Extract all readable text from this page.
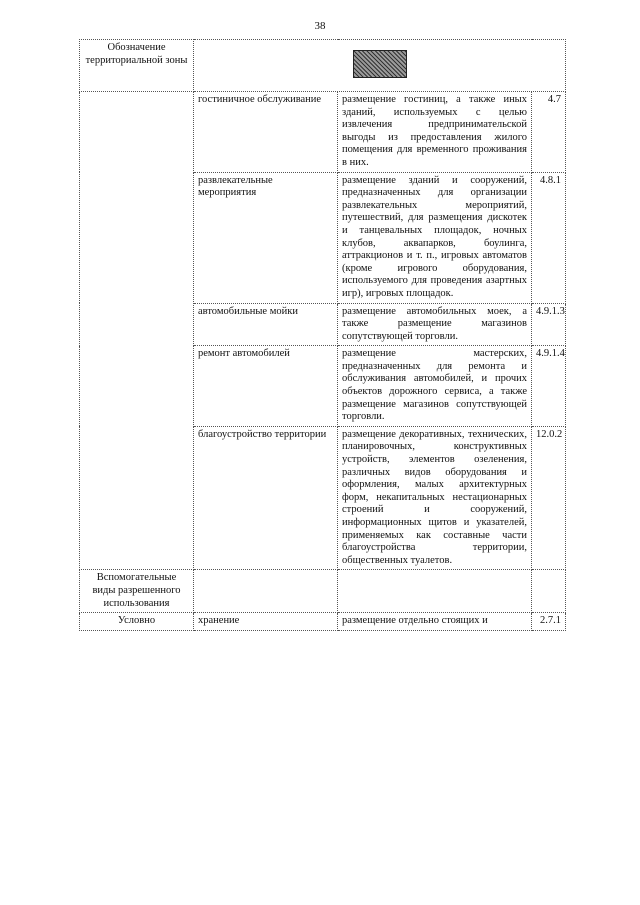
38
Обозначение территориальной зоны			
	гостиничное обслуживание	размещение гостиниц, а также иных зданий, используемых с целью извлечения предпринимательской выгоды из предоставления жилого помещения для временного проживания в них.	4.7
	развлекательные мероприятия	размещение зданий и сооружений, предназначенных для организации развлекательных мероприятий, путешествий, для размещения дискотек и танцевальных площадок, ночных клубов, аквапарков, боулинга, аттракционов и т. п., игровых автоматов (кроме игрового оборудования, используемого для проведения азартных игр), игровых площадок.	4.8.1
	автомобильные мойки	размещение автомобильных моек, а также размещение магазинов сопутствующей торговли.	4.9.1.3
	ремонт автомобилей	размещение мастерских, предназначенных для ремонта и обслуживания автомобилей, и прочих объектов дорожного сервиса, а также размещение магазинов сопутствующей торговли.	4.9.1.4
	благоустройство территории	размещение декоративных, технических, планировочных, конструктивных устройств, элементов озеленения, различных видов оборудования и оформления, малых архитектурных форм, некапитальных нестационарных строений и сооружений, информационных щитов и указателей, применяемых как составные части благоустройства территории, общественных туалетов.	12.0.2
Вспомогательные виды разрешенного использования			
Условно	хранение	размещение отдельно стоящих и	2.7.1
